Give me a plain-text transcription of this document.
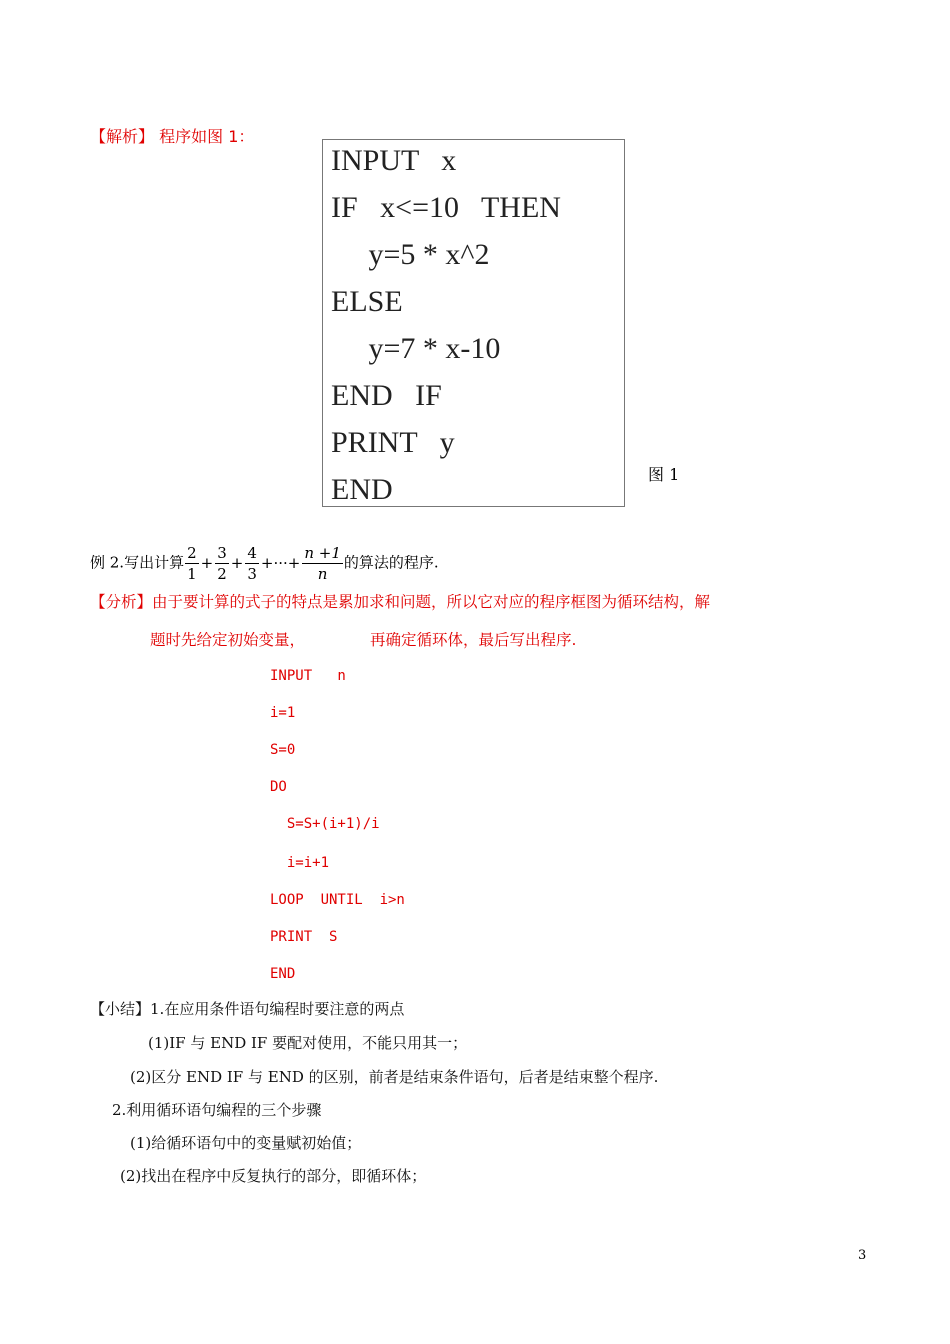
【解析】 程序如图 1：
INPUT   x
IF   x<=10   THEN
y=5 * x^2
ELSE
y=7 * x-10
END   IF
PRINT   y
END	图 1
例 2.写出计算 $\frac{2}{1} + \frac{3}{2} + \frac{4}{3}$ +···+ $\frac{n +1}{n}$ 的算法的程序.
【分析】由于要计算的式子的特点是累加求和问题，所以它对应的程序框图为循环结构，解
题时先给定初始变量，	再确定循环体，最后写出程序.
INPUT   n
i=1
S=0
DO
S=S+(i+1)/i
i=i+1
LOOP  UNTIL  i>n
PRINT  S
END
【小结】1.在应用条件语句编程时要注意的两点
(1)IF 与 END IF 要配对使用，不能只用其一；
(2)区分 END IF 与 END 的区别，前者是结束条件语句，后者是结束整个程序.
2.利用循环语句编程的三个步骤
(1)给循环语句中的变量赋初始值；
(2)找出在程序中反复执行的部分，即循环体；
3
